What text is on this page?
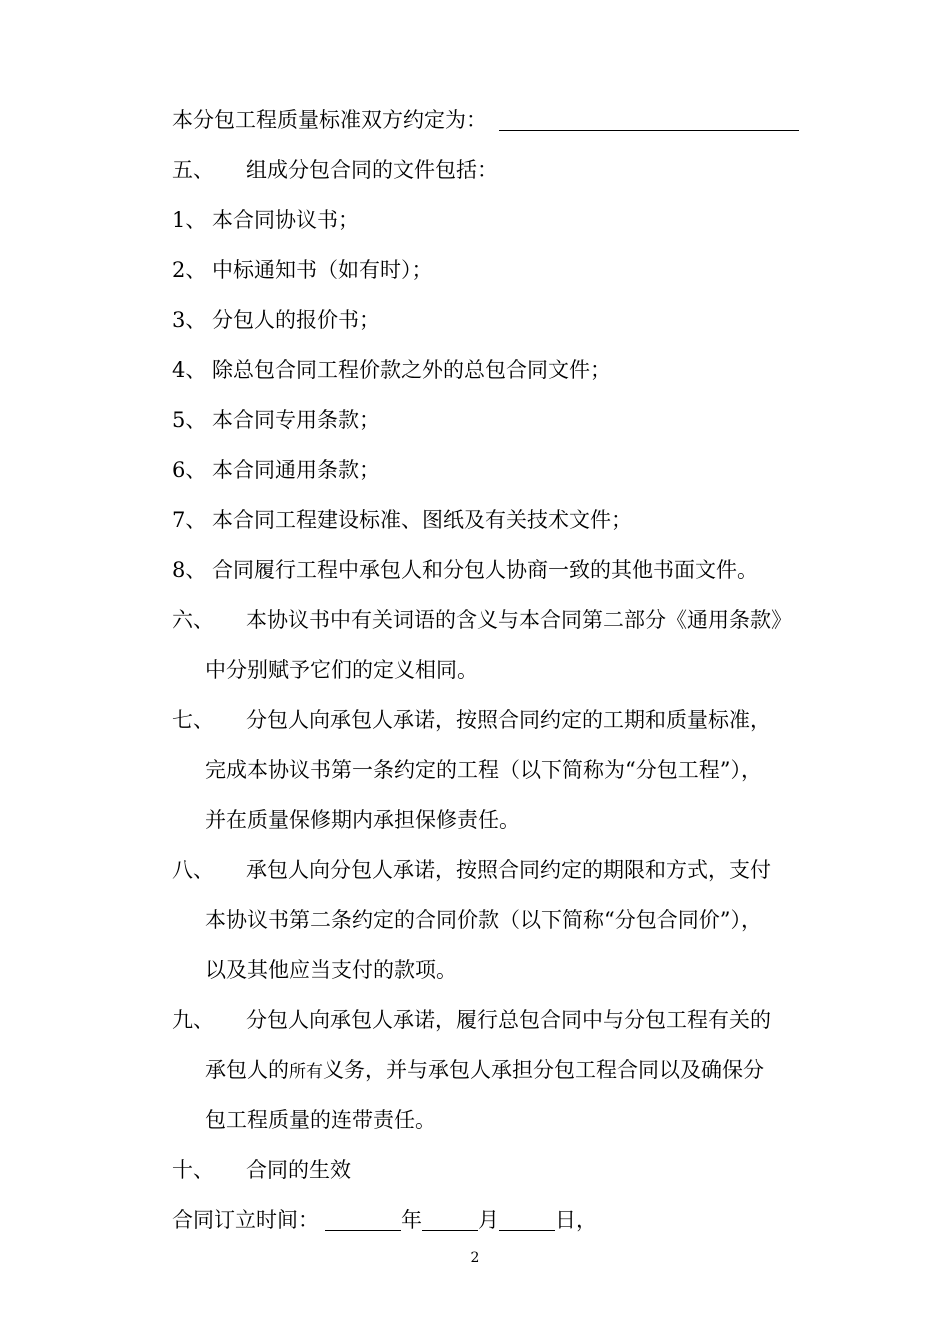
本分包工程质量标准双方约定为：
五、 组成分包合同的文件包括：
1、 本合同协议书；
2、 中标通知书（如有时）；
3、 分包人的报价书；
4、 除总包合同工程价款之外的总包合同文件；
5、 本合同专用条款；
6、 本合同通用条款；
7、 本合同工程建设标准、图纸及有关技术文件；
8、 合同履行工程中承包人和分包人协商一致的其他书面文件。
六、 本协议书中有关词语的含义与本合同第二部分《通用条款》
中分别赋予它们的定义相同。
七、 分包人向承包人承诺，按照合同约定的工期和质量标准，
完成本协议书第一条约定的工程（以下简称为“分包工程”），
并在质量保修期内承担保修责任。
八、 承包人向分包人承诺，按照合同约定的期限和方式，支付
本协议书第二条约定的合同价款（以下简称“分包合同价”），
以及其他应当支付的款项。
九、 分包人向承包人承诺，履行总包合同中与分包工程有关的
承包人的所有义务，并与承包人承担分包工程合同以及确保分
包工程质量的连带责任。
十、 合同的生效
合同订立时间：	年	月	日，
2
